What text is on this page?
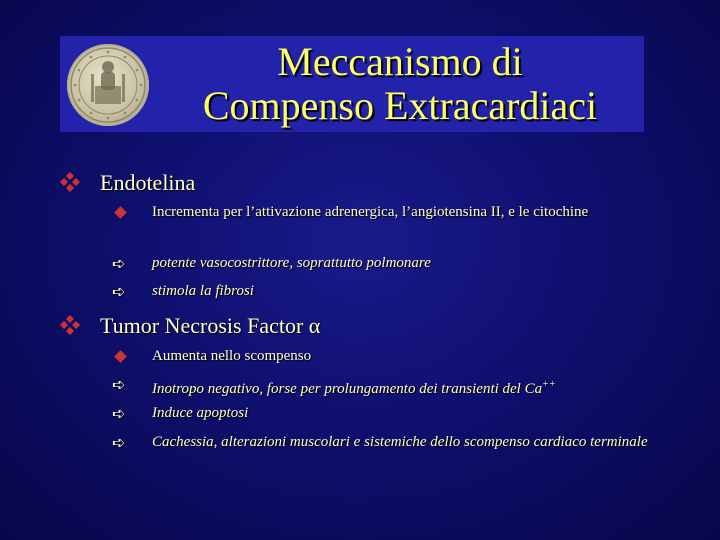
Meccanismo di
Compenso Extracardiaci
Endotelina
Incrementa per l’attivazione adrenergica, l’angiotensina II, e le citochine
➪ potente vasocostrittore, soprattutto polmonare
➪ stimola la fibrosi
Tumor Necrosis Factor α
Aumenta nello scompenso
➪ Inotropo negativo, forse per prolungamento dei transienti del Ca++
➪ Induce apoptosi
➪ Cachessia, alterazioni muscolari e sistemiche dello scompenso cardiaco terminale
